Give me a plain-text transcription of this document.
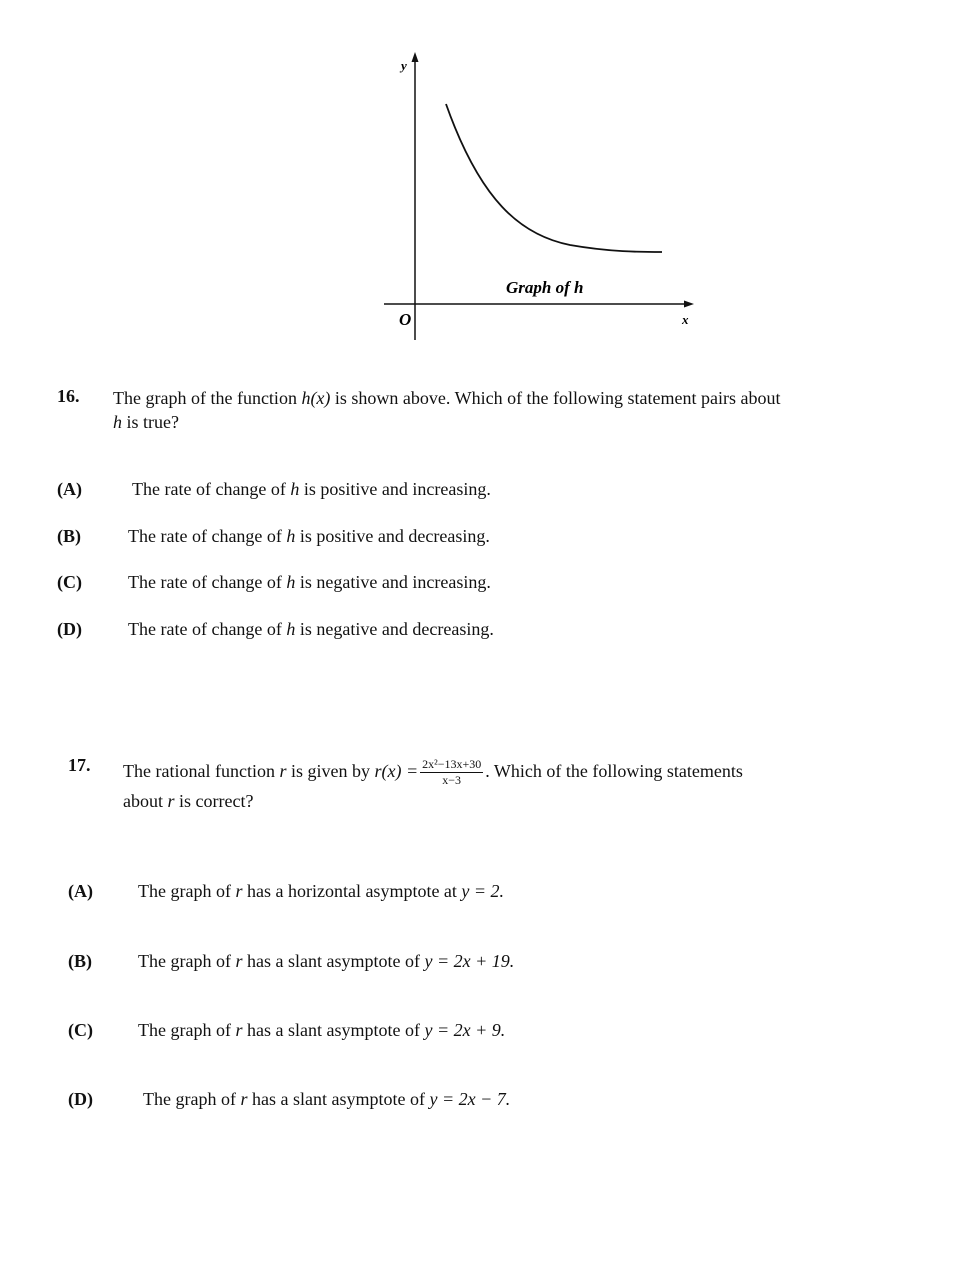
y
x
O
Graph of h
16. The graph of the function h(x) is shown above. Which of the following statement pairs about
h is true?
(A)	The rate of change of h is positive and increasing.
(B)	The rate of change of h is positive and decreasing.
(C)	The rate of change of h is negative and increasing.
(D)	The rate of change of h is negative and decreasing.
17. The rational function r is given by $r(x) = \frac{\text{2x²−13x+30}}{x-3}$ . Which of the following statements
about r is correct?
(A)	The graph of r has a horizontal asymptote at y = 2.
(B)	The graph of r has a slant asymptote of y = 2x + 19.
(C)	The graph of r has a slant asymptote of y = 2x + 9.
(D)	The graph of r has a slant asymptote of y = 2x − 7.
